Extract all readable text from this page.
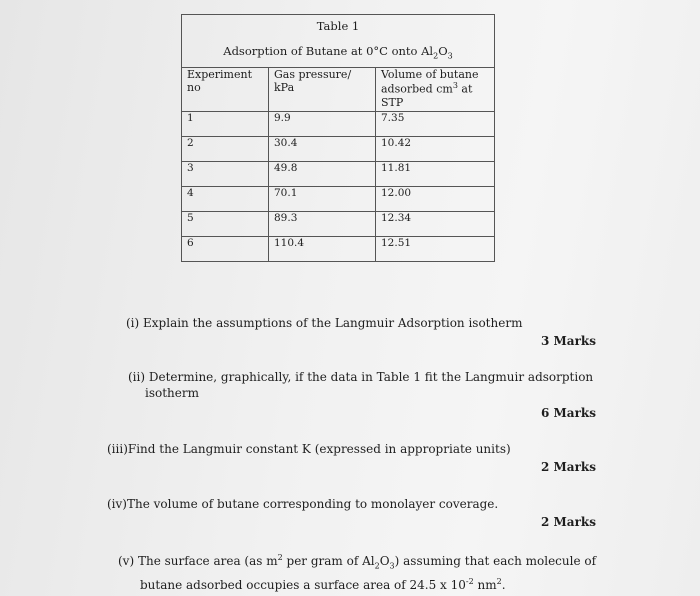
Table 1
Adsorption of Butane at 0°C onto $Al_2O_3$

Experiment no	Gas pressure/ kPa	Volume of butane
adsorbed $cm^3$ at STP
1	9.9	7.35
2	30.4	10.42
3	49.8	11.81
4	70.1	12.00
5	89.3	12.34
6	110.4	12.51
(i) Explain the assumptions of the Langmuir Adsorption isotherm
3 Marks
(ii) Determine, graphically, if the data in Table 1 fit the Langmuir adsorption
isotherm
6 Marks
(iii)Find the Langmuir constant K (expressed in appropriate units)
2 Marks
(iv)The volume of butane corresponding to monolayer coverage.
2 Marks
(v) The surface area (as $m^2$ per gram of $Al_2O_3$) assuming that each molecule of
butane adsorbed occupies a surface area of 24.5 x $10^{-2}$ $nm^2$.
